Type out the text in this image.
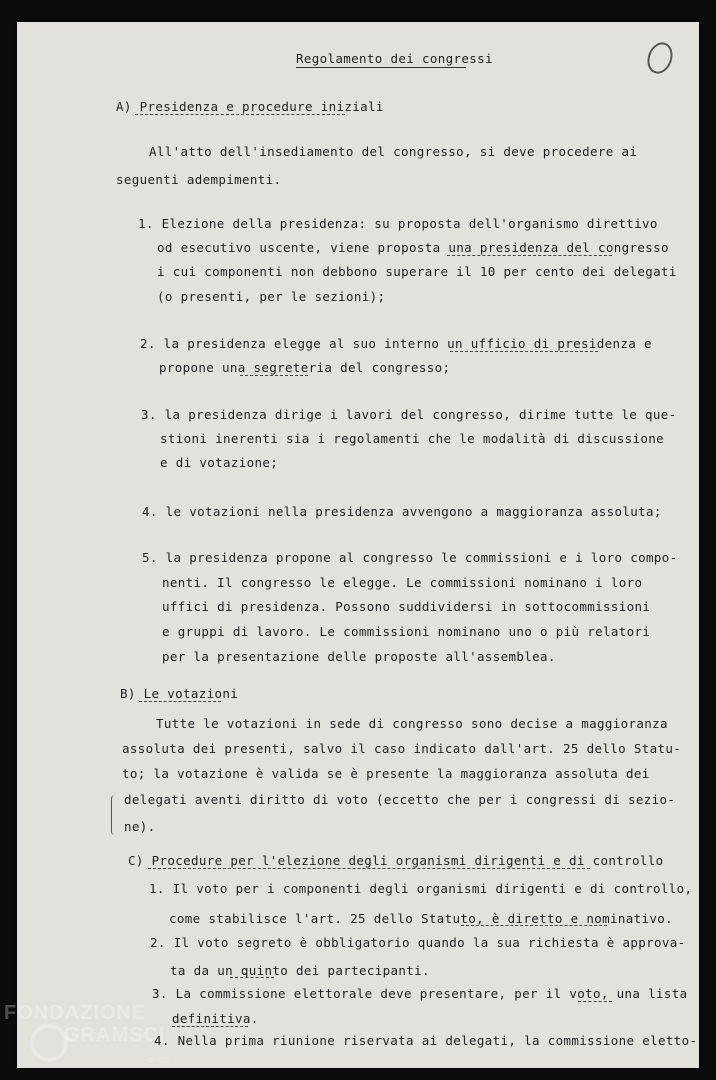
Regolamento dei congressi
A) Presidenza e procedure iniziali
All'atto dell'insediamento del congresso, si deve procedere ai
seguenti adempimenti.
1. Elezione della presidenza: su proposta dell'organismo direttivo
od esecutivo uscente, viene proposta una presidenza del congresso
i cui componenti non debbono superare il 10 per cento dei delegati
(o presenti, per le sezioni);
2. la presidenza elegge al suo interno un ufficio di presidenza e
propone una segreteria del congresso;
3. la presidenza dirige i lavori del congresso, dirime tutte le que-
stioni inerenti sia i regolamenti che le modalità di discussione
e di votazione;
4. le votazioni nella presidenza avvengono a maggioranza assoluta;
5. la presidenza propone al congresso le commissioni e i loro compo-
nenti. Il congresso le elegge. Le commissioni nominano i loro
uffici di presidenza. Possono suddividersi in sottocommissioni
e gruppi di lavoro. Le commissioni nominano uno o più relatori
per la presentazione delle proposte all'assemblea.
B) Le votazioni
Tutte le votazioni in sede di congresso sono decise a maggioranza
assoluta dei presenti, salvo il caso indicato dall'art. 25 dello Statu-
to; la votazione è valida se è presente la maggioranza assoluta dei
delegati aventi diritto di voto (eccetto che per i congressi di sezio-
ne).
C) Procedure per l'elezione degli organismi dirigenti e di controllo
1. Il voto per i componenti degli organismi dirigenti e di controllo,
come stabilisce l'art. 25 dello Statuto, è diretto e nominativo.
2. Il voto segreto è obbligatorio quando la sua richiesta è approva-
ta da un quinto dei partecipanti.
3. La commissione elettorale deve presentare, per il voto, una lista
definitiva.
4. Nella prima riunione riservata ai delegati, la commissione eletto-
FONDAZIONE
GRAMSCI
onlus
